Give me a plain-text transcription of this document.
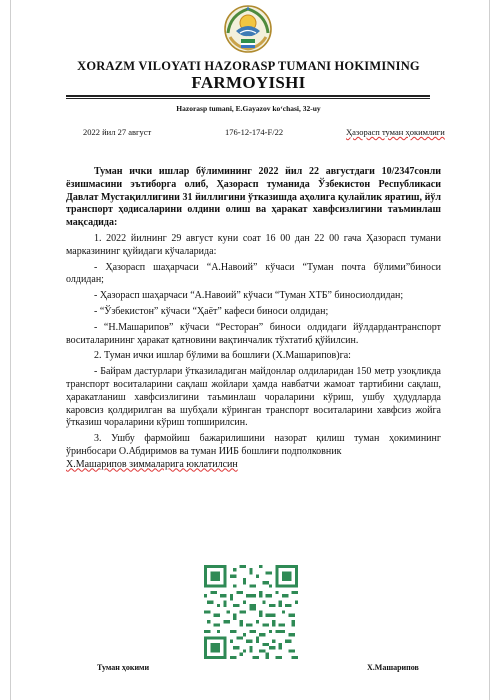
XORAZM VILOYATI HAZORASP TUMANI HOKIMINING
FARMOYISHI
Hazorasp tumani, E.Gayazov ko‘chasi, 32-uy
2022 йил 27 август	176-12-174-F/22	Ҳазорасп туман ҳокимлиги

Туман ички ишлар бўлимининг 2022 йил 22 августдаги 10/2347сонли ёзишмасини эътиборга олиб, Ҳазорасп туманида Ўзбекистон Республикаси Давлат Мустақиллигини 31 йиллигини ўтказишда аҳолига қулайлик яратиш, йўл транспорт ҳодисаларини олдини олиш ва ҳаракат хавфсизлигини таъминлаш мақсадида:

1. 2022 йилнинг 29 август куни соат 16 00 дан 22 00 гача Ҳазорасп тумани марказининг қуйидаги кўчаларида:

- Ҳазорасп шаҳарчаси “А.Навоий” кўчаси “Туман почта бўлими”биноси олдидан;

- Ҳазорасп шаҳарчаси “А.Навоий” кўчаси “Туман ХТБ” биносиолдидан;

- “Ўзбекистон” кўчаси “Ҳаёт” кафеси биноси олдидан;

- “Н.Машарипов” кўчаси “Ресторан” биноси олдидаги йўлдардантранспорт воситаларининг ҳаракат қатновини вақтинчалик тўхтатиб қўйилсин.

2. Туман ички ишлар бўлими ва бошлиғи (Х.Машарипов)га:

- Байрам дастурлари ўтказиладиган майдонлар олдиларидан 150 метр узоқликда транспорт воситаларини сақлаш жойлари ҳамда навбатчи жамоат тартибини сақлаш, ҳаракатланиш хавфсизлигини таъминлаш чораларини кўриш, ушбу ҳудудларда каровсиз қолдирилган ва шубҳали кўринган транспорт воситаларини хавфсиз жойга ўтказиш чораларини кўриш топширилсин.

3. Ушбу фармойиш бажарилишини назорат қилиш туман ҳокимининг ўринбосари О.Абдиримов ва туман ИИБ бошлиғи подполковник

Х.Машарипов зиммаларига юклатилсин

Туман ҳокими	Х.Машарипов
